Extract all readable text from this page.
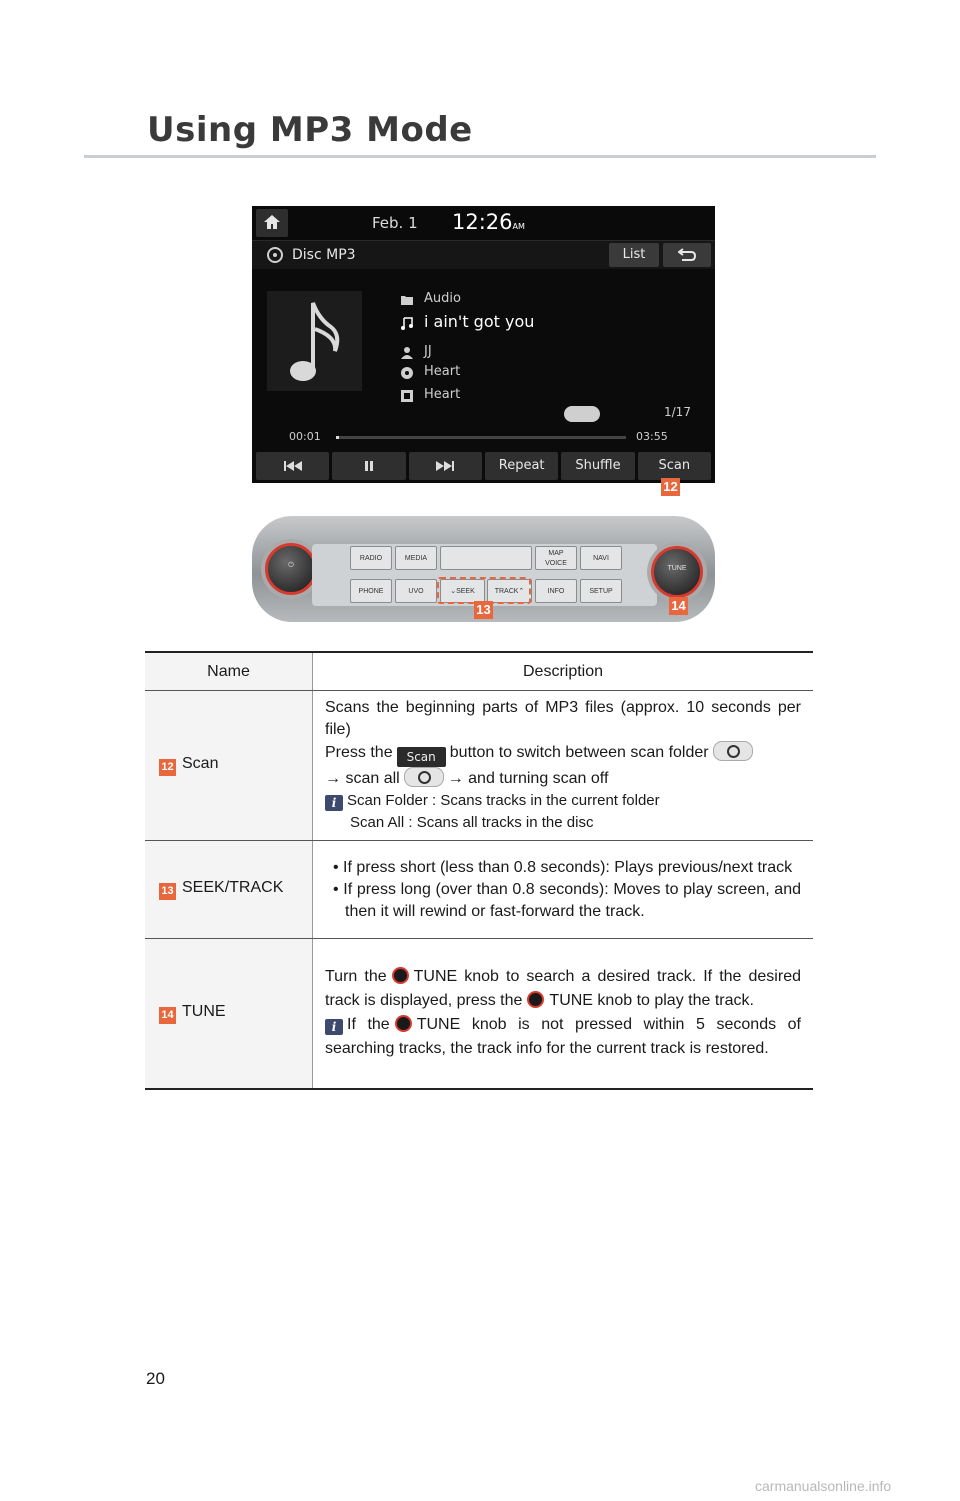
Using MP3 Mode
Feb. 1 12:26AM
Disc MP3	List
Audio
i ain't got you
JJ
Heart
Heart
1/17
00:01	03:55
Repeat	Shuffle	Scan
12
⏻
RADIO	MEDIA
MAP
VOICE
NAVI
PHONE	UVO	⌄SEEK	TRACK⌃	INFO	SETUP
TUNE
13	14
Name	Description
12 Scan	Scans the beginning parts of MP3 files (approx. 10 seconds per file)
Press the Scan button to switch between scan folder
→ scan all → and turning scan off
i Scan Folder : Scans tracks in the current folder

Scan All : Scans all tracks in the disc

13 SEEK/TRACK	• If press short (less than 0.8 seconds): Plays previous/next track
• If press long (over than 0.8 seconds): Moves to play screen, and then it will rewind or fast-forward the track.

14 TUNE	Turn the TUNE knob to search a desired track. If the desired track is displayed, press the TUNE knob to play the track.
i If the TUNE knob is not pressed within 5 seconds of searching tracks, the track info for the current track is restored.
20
carmanualsonline.info
